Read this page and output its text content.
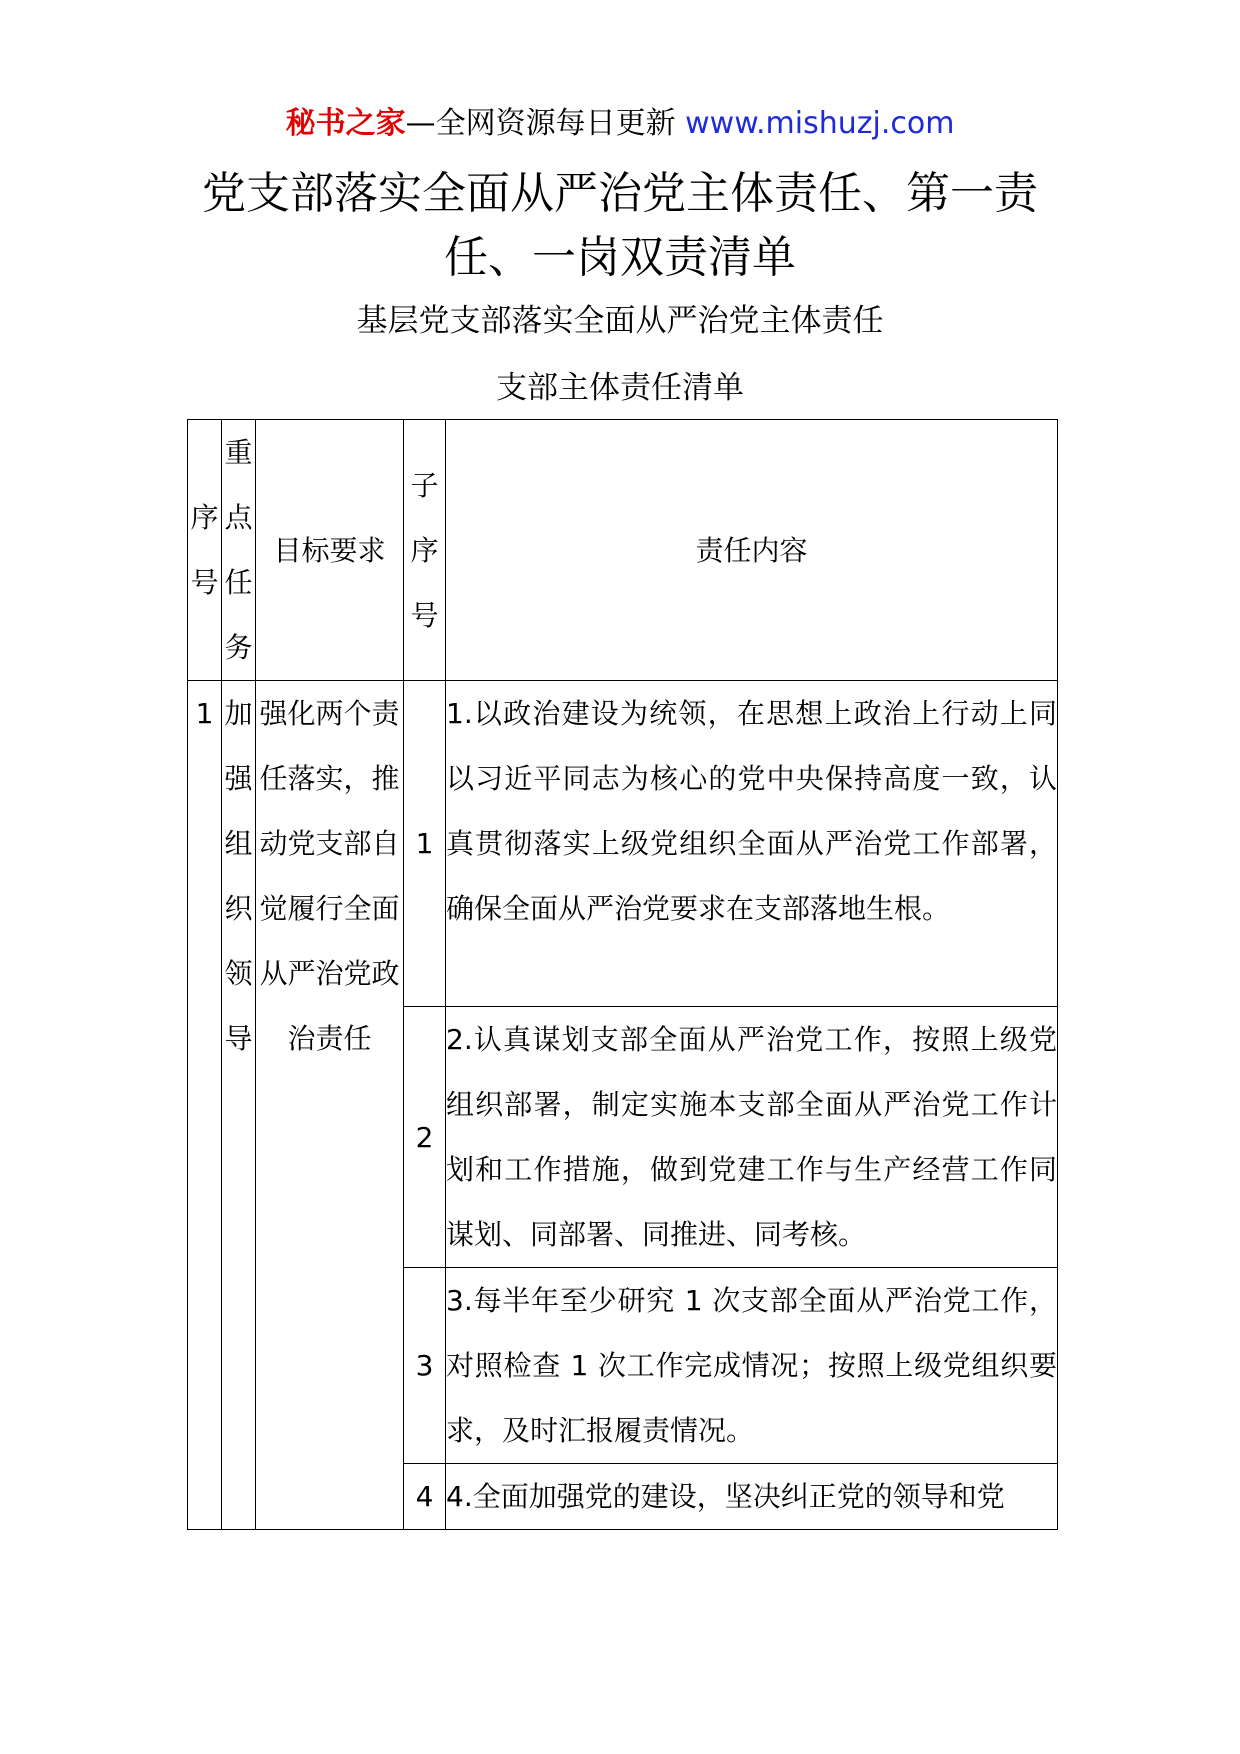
秘书之家—全网资源每日更新 www.mishuzj.com
党支部落实全面从严治党主体责任、第一责任、一岗双责清单

基层党支部落实全面从严治党主体责任

支部主体责任清单

序号	重点任务	目标要求	子序号	责任内容
1	加强组织领导	强化两个责任落实，推动党支部自觉履行全面从严治党政治责任	1	1.以政治建设为统领，在思想上政治上行动上同以习近平同志为核心的党中央保持高度一致，认真贯彻落实上级党组织全面从严治党工作部署，确保全面从严治党要求在支部落地生根。
			2	2.认真谋划支部全面从严治党工作，按照上级党组织部署，制定实施本支部全面从严治党工作计划和工作措施，做到党建工作与生产经营工作同谋划、同部署、同推进、同考核。
			3	3.每半年至少研究 1 次支部全面从严治党工作，对照检查 1 次工作完成情况；按照上级党组织要求，及时汇报履责情况。
			4	4.全面加强党的建设，坚决纠正党的领导和党
